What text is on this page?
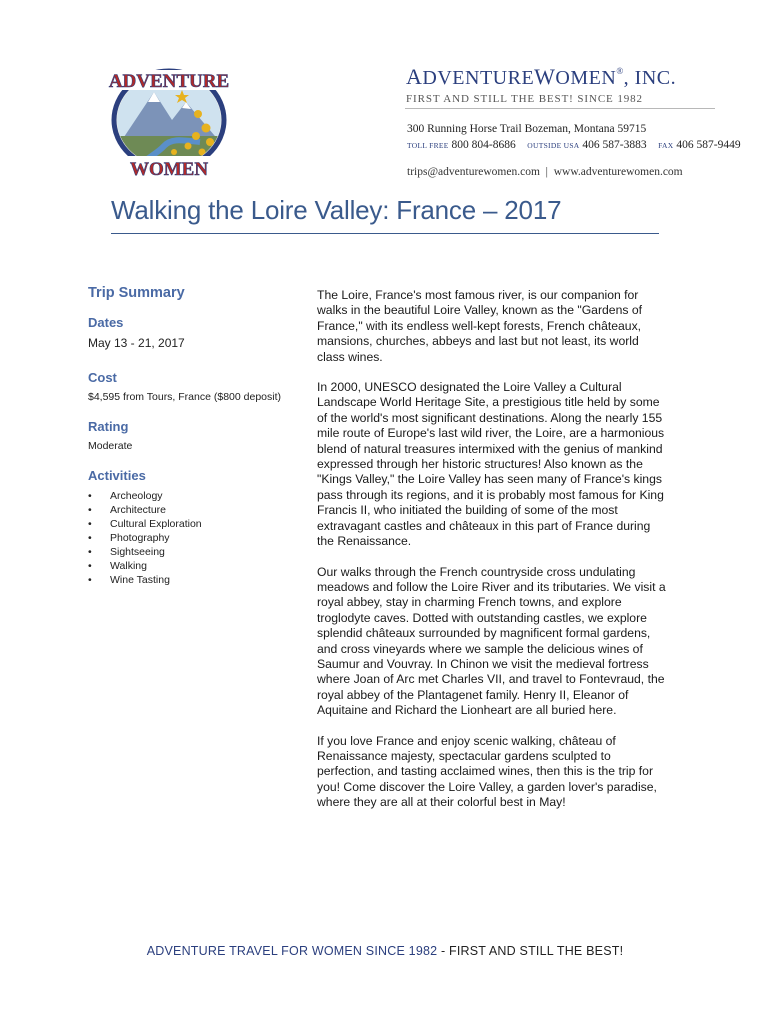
ADVENTURE
WOMEN
ADVENTUREWOMEN®, INC.
FIRST AND STILL THE BEST! SINCE 1982
300 Running Horse Trail Bozeman, Montana 59715
TOLL FREE 800 804-8686 OUTSIDE USA 406 587-3883 FAX 406 587-9449
trips@adventurewomen.com | www.adventurewomen.com
Walking the Loire Valley: France – 2017
Trip Summary
Dates
May 13 - 21, 2017
Cost
$4,595 from Tours, France ($800 deposit)
Rating
Moderate
Activities
• Archeology
• Architecture
• Cultural Exploration
• Photography
• Sightseeing
• Walking
• Wine Tasting

The Loire, France's most famous river, is our companion for walks in the beautiful Loire Valley, known as the "Gardens of France," with its endless well-kept forests, French châteaux, mansions, churches, abbeys and last but not least, its world class wines.

In 2000, UNESCO designated the Loire Valley a Cultural Landscape World Heritage Site, a prestigious title held by some of the world's most significant destinations. Along the nearly 155 mile route of Europe's last wild river, the Loire, are a harmonious blend of natural treasures intermixed with the genius of mankind expressed through her historic structures! Also known as the "Kings Valley," the Loire Valley has seen many of France's kings pass through its regions, and it is probably most famous for King Francis II, who initiated the building of some of the most extravagant castles and châteaux in this part of France during the Renaissance.

Our walks through the French countryside cross undulating meadows and follow the Loire River and its tributaries. We visit a royal abbey, stay in charming French towns, and explore troglodyte caves. Dotted with outstanding castles, we explore splendid châteaux surrounded by magnificent formal gardens, and cross vineyards where we sample the delicious wines of Saumur and Vouvray. In Chinon we visit the medieval fortress where Joan of Arc met Charles VII, and travel to Fontevraud, the royal abbey of the Plantagenet family. Henry II, Eleanor of Aquitaine and Richard the Lionheart are all buried here.

If you love France and enjoy scenic walking, château of Renaissance majesty, spectacular gardens sculpted to perfection, and tasting acclaimed wines, then this is the trip for you! Come discover the Loire Valley, a garden lover's paradise, where they are all at their colorful best in May!

ADVENTURE TRAVEL FOR WOMEN SINCE 1982 - FIRST AND STILL THE BEST!
